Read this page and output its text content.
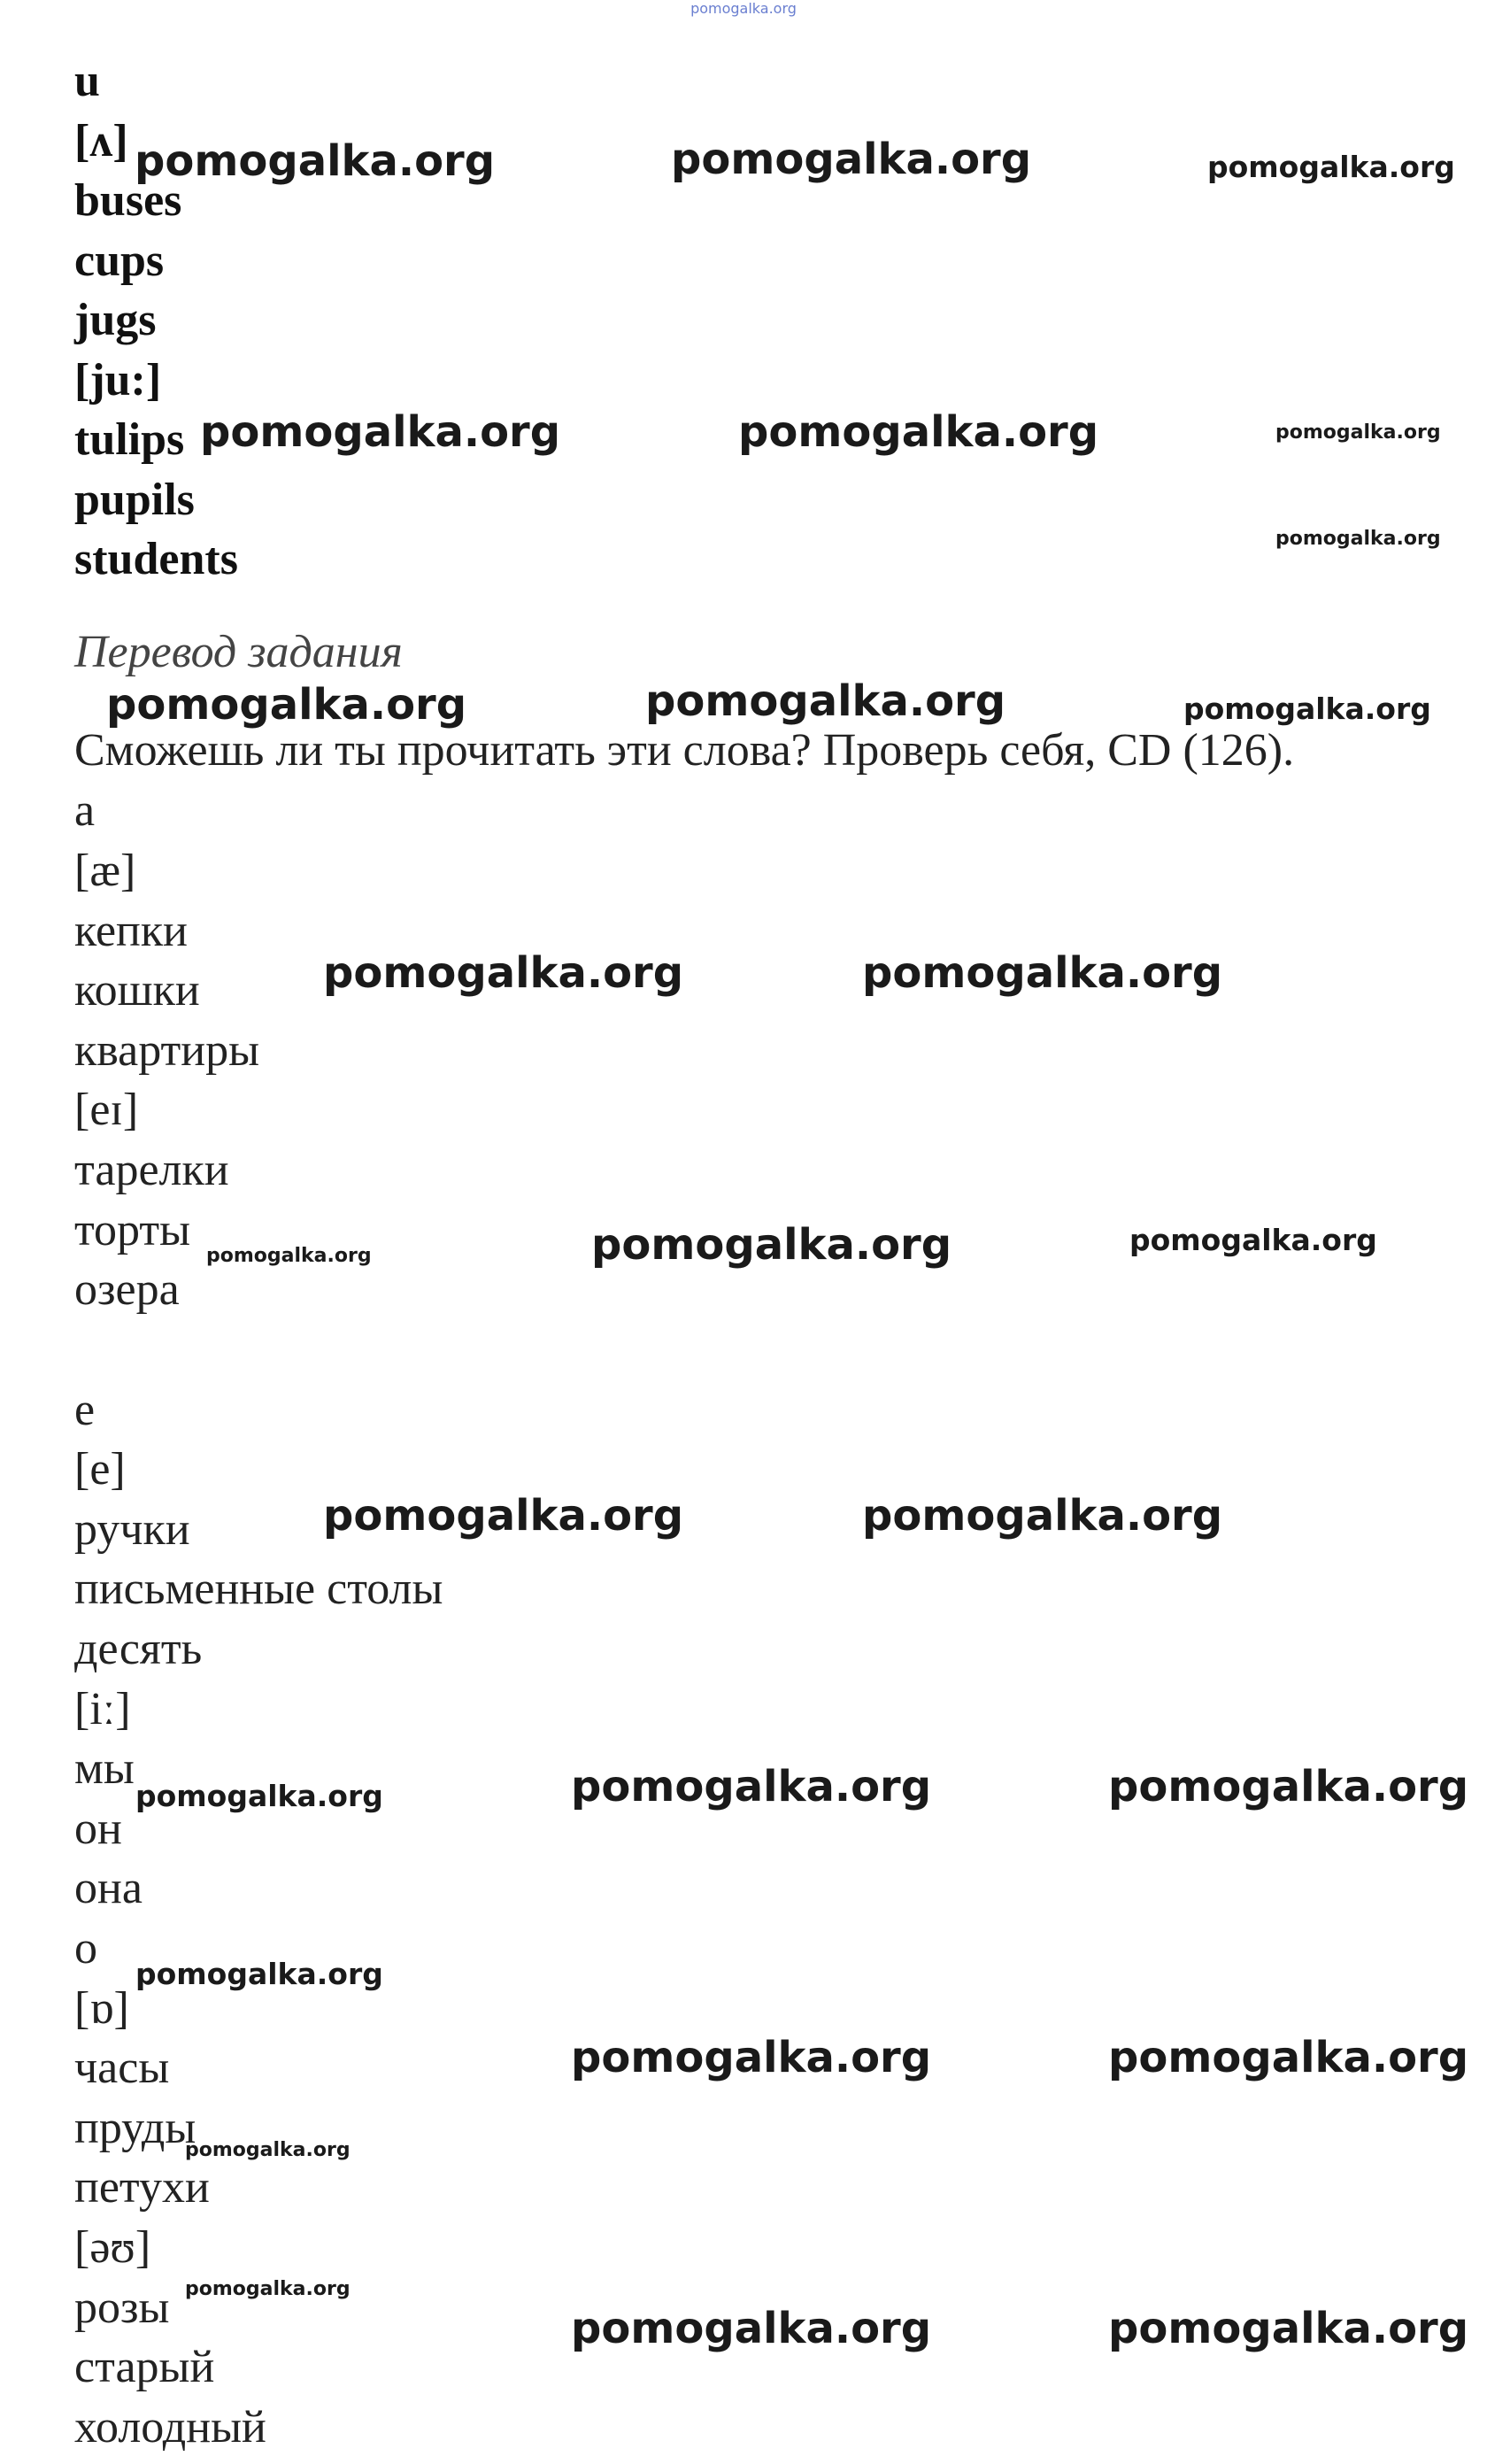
pomogalka.org
u
[ʌ]
buses
cups
jugs
[ju:]
tulips
pupils
students
Перевод задания
Сможешь ли ты прочитать эти слова? Проверь себя, CD (126).
a
[æ]
кепки
кошки
квартиры
[eɪ]
тарелки
торты
озера
e
[e]
ручки
письменные столы
десять
[iː]
мы
он
она
o
[ɒ]
часы
пруды
петухи
[əʊ]
розы
старый
холодный
pomogalka.org	pomogalka.org	pomogalka.org
pomogalka.org	pomogalka.org	pomogalka.org
pomogalka.org
pomogalka.org	pomogalka.org	pomogalka.org
pomogalka.org	pomogalka.org
pomogalka.org	pomogalka.org	pomogalka.org
pomogalka.org	pomogalka.org
pomogalka.org	pomogalka.org	pomogalka.org
pomogalka.org
pomogalka.org	pomogalka.org
pomogalka.org
pomogalka.org
pomogalka.org	pomogalka.org
